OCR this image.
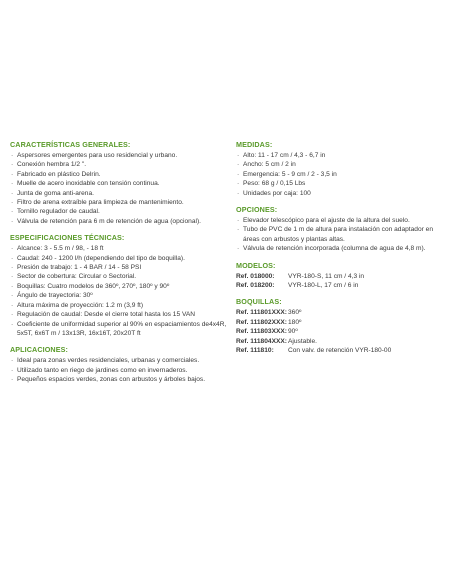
CARACTERÍSTICAS GENERALES:
· Aspersores emergentes para uso residencial y urbano.
· Conexión hembra 1/2 ".
· Fabricado en plástico Delrin.
· Muelle de acero inoxidable con tensión continua.
· Junta de goma anti-arena.
· Filtro de arena extraíble para limpieza de mantenimiento.
· Tornillo regulador de caudal.
· Válvula de retención para 6 m de retención de agua (opcional).
ESPECIFICACIONES TÉCNICAS:
· Alcance: 3 - 5.5 m / 98, - 18 ft
· Caudal: 240 - 1200 l/h (dependiendo del tipo de boquilla).
· Presión de trabajo: 1 - 4 BAR / 14 - 58 PSI
· Sector de cobertura: Circular o Sectorial.
· Boquillas: Cuatro modelos de 360º, 270º, 180º y 90º
· Ángulo de trayectoria: 30º
· Altura máxima de proyección: 1.2 m (3,9 ft)
· Regulación de caudal: Desde el cierre total hasta los 15 VAN
· Coeficiente de uniformidad superior al 90% en espaciamientos de4x4R, 5x5T, 6x6T m / 13x13R, 16x16T, 20x20T ft
APLICACIONES:
· Ideal para zonas verdes residenciales, urbanas y comerciales.
· Utilizado tanto en riego de jardines como en invernaderos.
· Pequeños espacios verdes, zonas con arbustos y árboles bajos.
MEDIDAS:
· Alto: 11 - 17 cm / 4,3 - 6,7 in
· Ancho: 5 cm / 2 in
· Emergencia: 5 - 9 cm / 2 - 3,5 in
· Peso: 68 g / 0,15 Lbs
· Unidades por caja: 100
OPCIONES:
· Elevador telescópico para el ajuste de la altura del suelo.
· Tubo de PVC de 1 m de altura para instalación con adaptador en áreas con arbustos y plantas altas.
· Válvula de retención incorporada (columna de agua de 4,8 m).
MODELOS:
Ref. 018000:	VYR-180-S, 11 cm / 4,3 in
Ref. 018200:	VYR-180-L, 17 cm / 6 in
BOQUILLAS:
Ref. 111801XXX: 360º
Ref. 111802XXX: 180º
Ref. 111803XXX: 90º
Ref. 111804XXX: Ajustable.
Ref. 111810:	Con valv. de retención VYR-180-00
